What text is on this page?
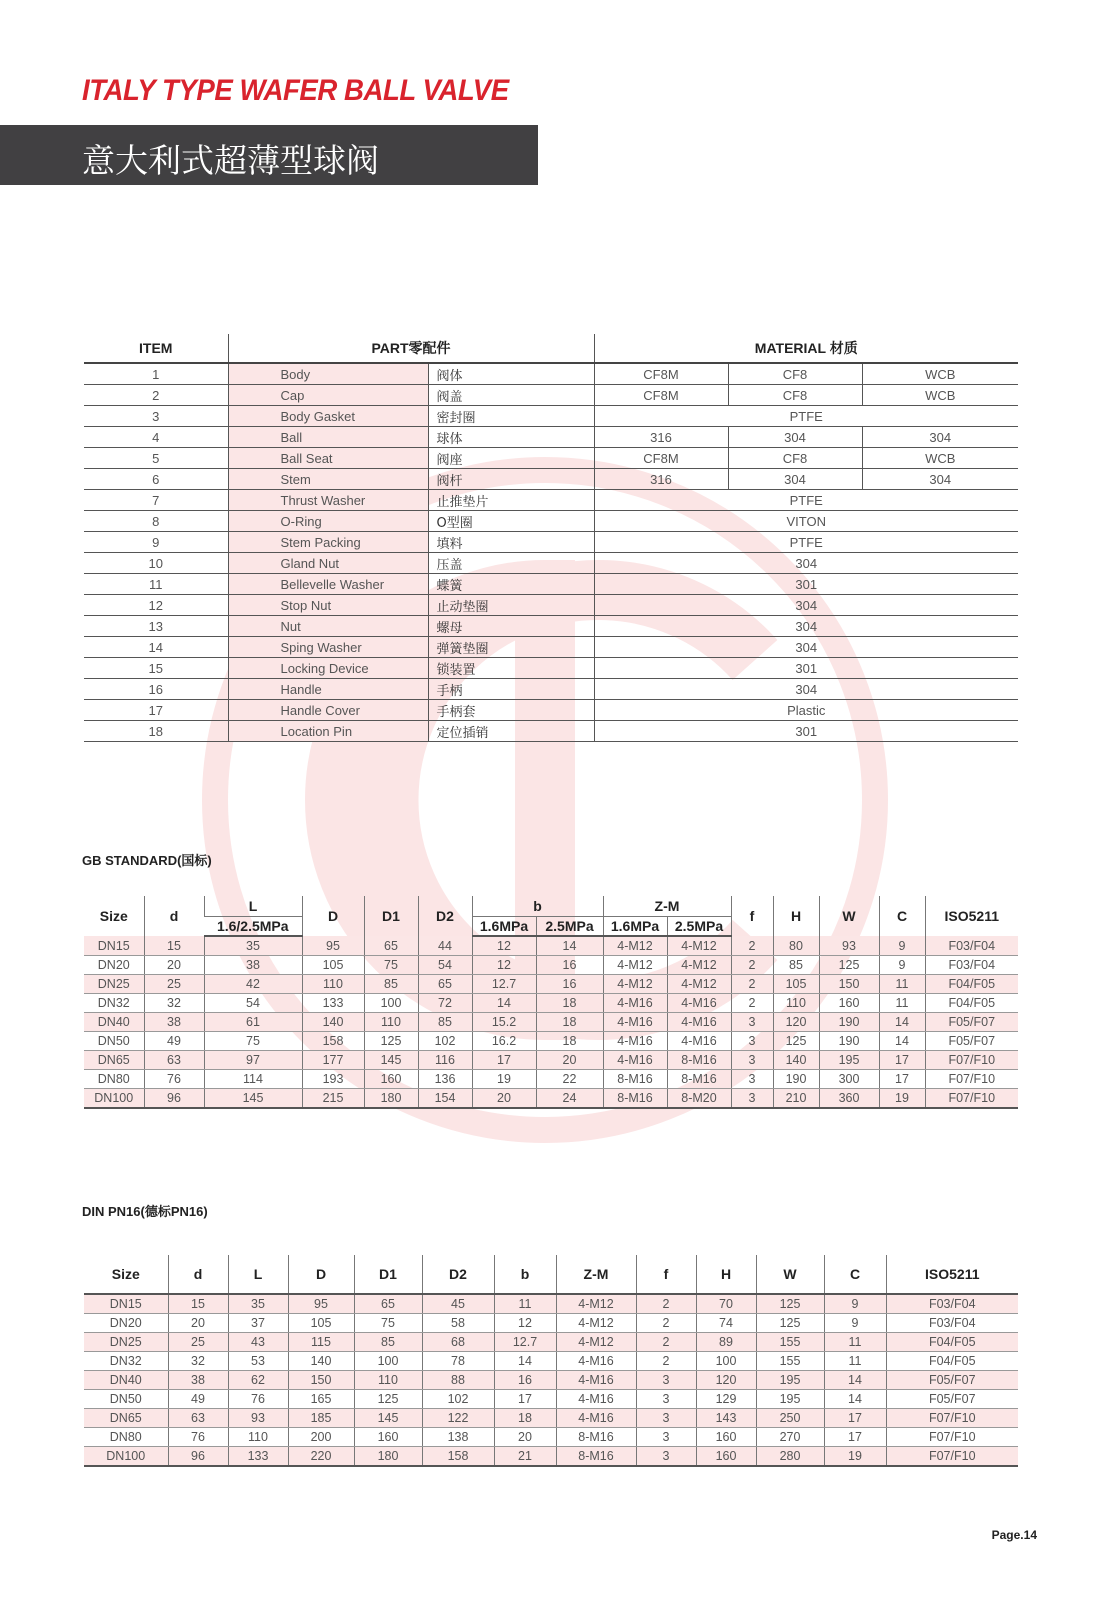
ITALY TYPE WAFER BALL VALVE
意大利式超薄型球阀
ITEM	PART零配件		MATERIAL 材质		
1	Body	阀体	CF8M	CF8	WCB
2	Cap	阀盖	CF8M	CF8	WCB
3	Body Gasket	密封圈	PTFE		
4	Ball	球体	316	304	304
5	Ball Seat	阀座	CF8M	CF8	WCB
6	Stem	阀杆	316	304	304
7	Thrust Washer	止推垫片	PTFE		
8	O-Ring	O型圈	VITON		
9	Stem Packing	填料	PTFE		
10	Gland Nut	压盖	304		
11	Bellevelle Washer	蝶簧	301		
12	Stop Nut	止动垫圈	304		
13	Nut	螺母	304		
14	Sping Washer	弹簧垫圈	304		
15	Locking Device	锁装置	301		
16	Handle	手柄	304		
17	Handle Cover	手柄套	Plastic		
18	Location Pin	定位插销	301		
GB STANDARD(国标)
Size	d	L	D	D1	D2	b		Z-M		f	H	W	C	ISO5211
		1.6/2.5MPa				1.6MPa	2.5MPa	1.6MPa	2.5MPa					
DN15	15	35	95	65	44	12	14	4-M12	4-M12	2	80	93	9	F03/F04
DN20	20	38	105	75	54	12	16	4-M12	4-M12	2	85	125	9	F03/F04
DN25	25	42	110	85	65	12.7	16	4-M12	4-M12	2	105	150	11	F04/F05
DN32	32	54	133	100	72	14	18	4-M16	4-M16	2	110	160	11	F04/F05
DN40	38	61	140	110	85	15.2	18	4-M16	4-M16	3	120	190	14	F05/F07
DN50	49	75	158	125	102	16.2	18	4-M16	4-M16	3	125	190	14	F05/F07
DN65	63	97	177	145	116	17	20	4-M16	8-M16	3	140	195	17	F07/F10
DN80	76	114	193	160	136	19	22	8-M16	8-M16	3	190	300	17	F07/F10
DN100	96	145	215	180	154	20	24	8-M16	8-M20	3	210	360	19	F07/F10
DIN PN16(德标PN16)
Size	d	L	D	D1	D2	b	Z-M	f	H	W	C	ISO5211
DN15	15	35	95	65	45	11	4-M12	2	70	125	9	F03/F04
DN20	20	37	105	75	58	12	4-M12	2	74	125	9	F03/F04
DN25	25	43	115	85	68	12.7	4-M12	2	89	155	11	F04/F05
DN32	32	53	140	100	78	14	4-M16	2	100	155	11	F04/F05
DN40	38	62	150	110	88	16	4-M16	3	120	195	14	F05/F07
DN50	49	76	165	125	102	17	4-M16	3	129	195	14	F05/F07
DN65	63	93	185	145	122	18	4-M16	3	143	250	17	F07/F10
DN80	76	110	200	160	138	20	8-M16	3	160	270	17	F07/F10
DN100	96	133	220	180	158	21	8-M16	3	160	280	19	F07/F10
Page.14
